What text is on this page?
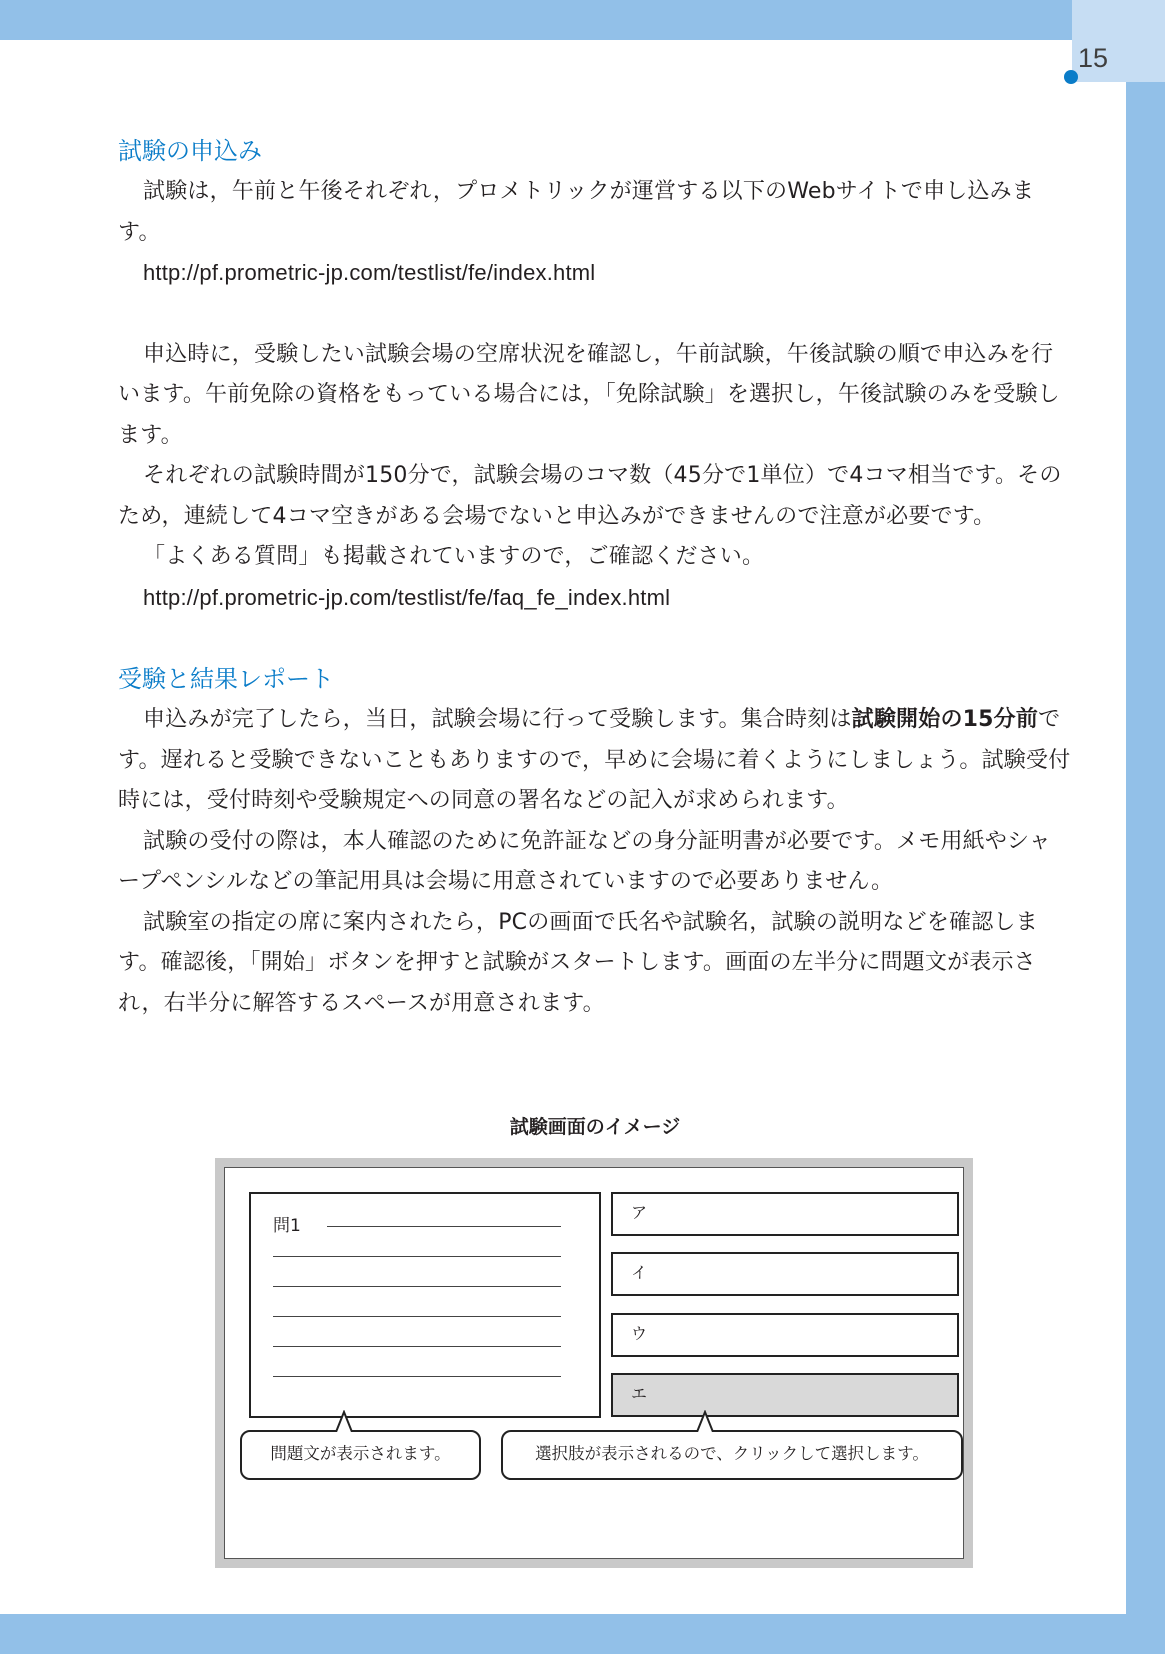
15
試験の申込み

試験は，午前と午後それぞれ，プロメトリックが運営する以下のWebサイトで申し込みます。

http://pf.prometric-jp.com/testlist/fe/index.html

申込時に，受験したい試験会場の空席状況を確認し，午前試験，午後試験の順で申込みを行います。午前免除の資格をもっている場合には，「免除試験」を選択し，午後試験のみを受験します。

それぞれの試験時間が150分で，試験会場のコマ数（45分で1単位）で4コマ相当です。そのため，連続して4コマ空きがある会場でないと申込みができませんので注意が必要です。

「よくある質問」も掲載されていますので，ご確認ください。

http://pf.prometric-jp.com/testlist/fe/faq_fe_index.html

受験と結果レポート

申込みが完了したら，当日，試験会場に行って受験します。集合時刻は試験開始の15分前です。遅れると受験できないこともありますので，早めに会場に着くようにしましょう。試験受付時には，受付時刻や受験規定への同意の署名などの記入が求められます。

試験の受付の際は，本人確認のために免許証などの身分証明書が必要です。メモ用紙やシャープペンシルなどの筆記用具は会場に用意されていますので必要ありません。

試験室の指定の席に案内されたら，PCの画面で氏名や試験名，試験の説明などを確認します。確認後，「開始」ボタンを押すと試験がスタートします。画面の左半分に問題文が表示され，右半分に解答するスペースが用意されます。

試験画面のイメージ
問1
ア
イ
ウ
エ
問題文が表示されます。	選択肢が表示されるので、クリックして選択します。
